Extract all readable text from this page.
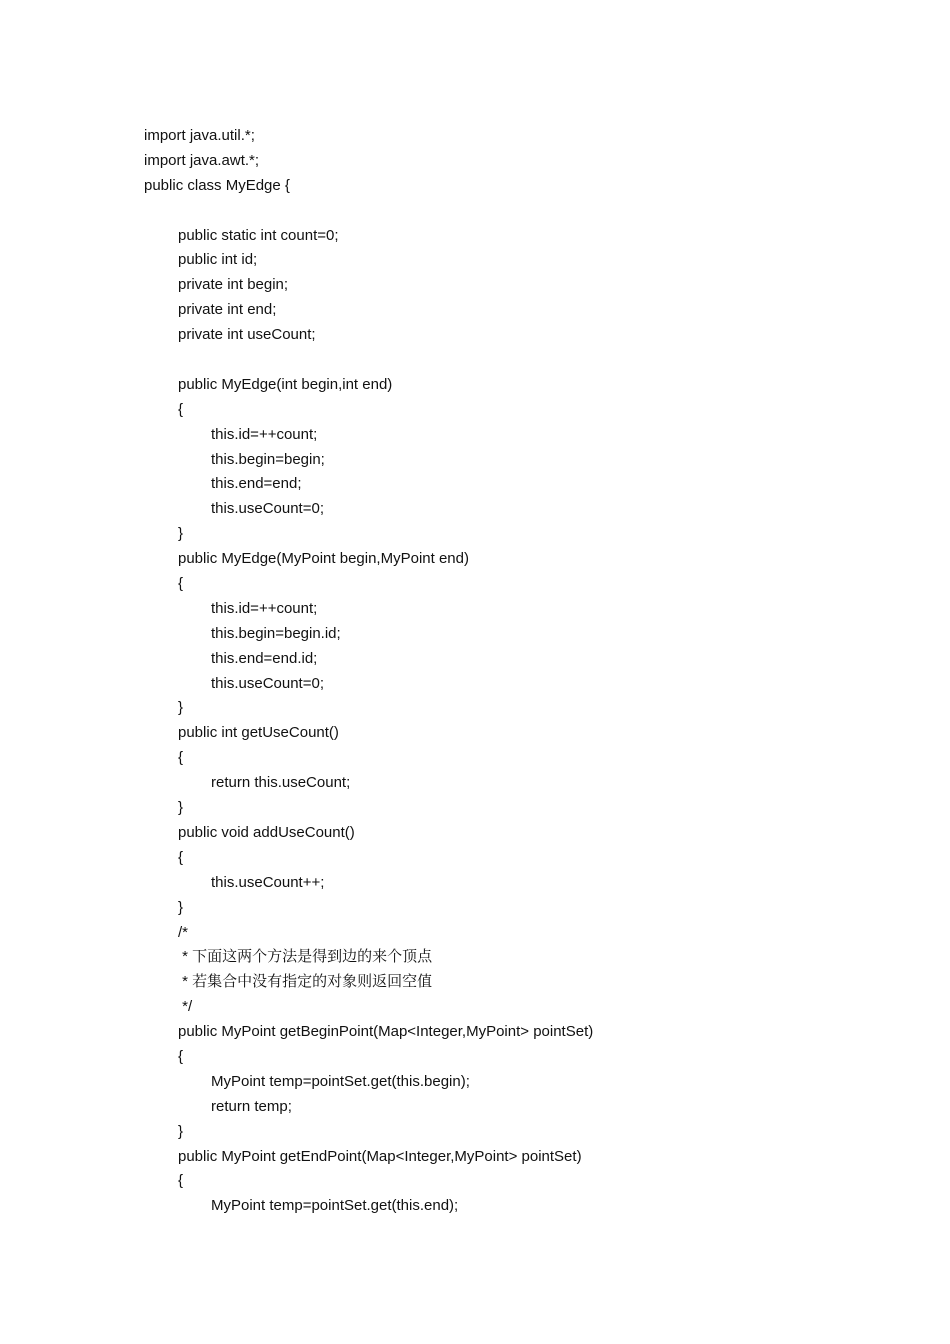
import java.util.*;
import java.awt.*;
public class MyEdge {
public static int count=0;
public int id;
private int begin;
private int end;
private int useCount;
public MyEdge(int begin,int end)
{
this.id=++count;
this.begin=begin;
this.end=end;
this.useCount=0;
}
public MyEdge(MyPoint begin,MyPoint end)
{
this.id=++count;
this.begin=begin.id;
this.end=end.id;
this.useCount=0;
}
public int getUseCount()
{
return this.useCount;
}
public void addUseCount()
{
this.useCount++;
}
/*
* 下面这两个方法是得到边的来个顶点
* 若集合中没有指定的对象则返回空值
*/
public MyPoint getBeginPoint(Map<Integer,MyPoint> pointSet)
{
MyPoint temp=pointSet.get(this.begin);
return temp;
}
public MyPoint getEndPoint(Map<Integer,MyPoint> pointSet)
{
MyPoint temp=pointSet.get(this.end);
